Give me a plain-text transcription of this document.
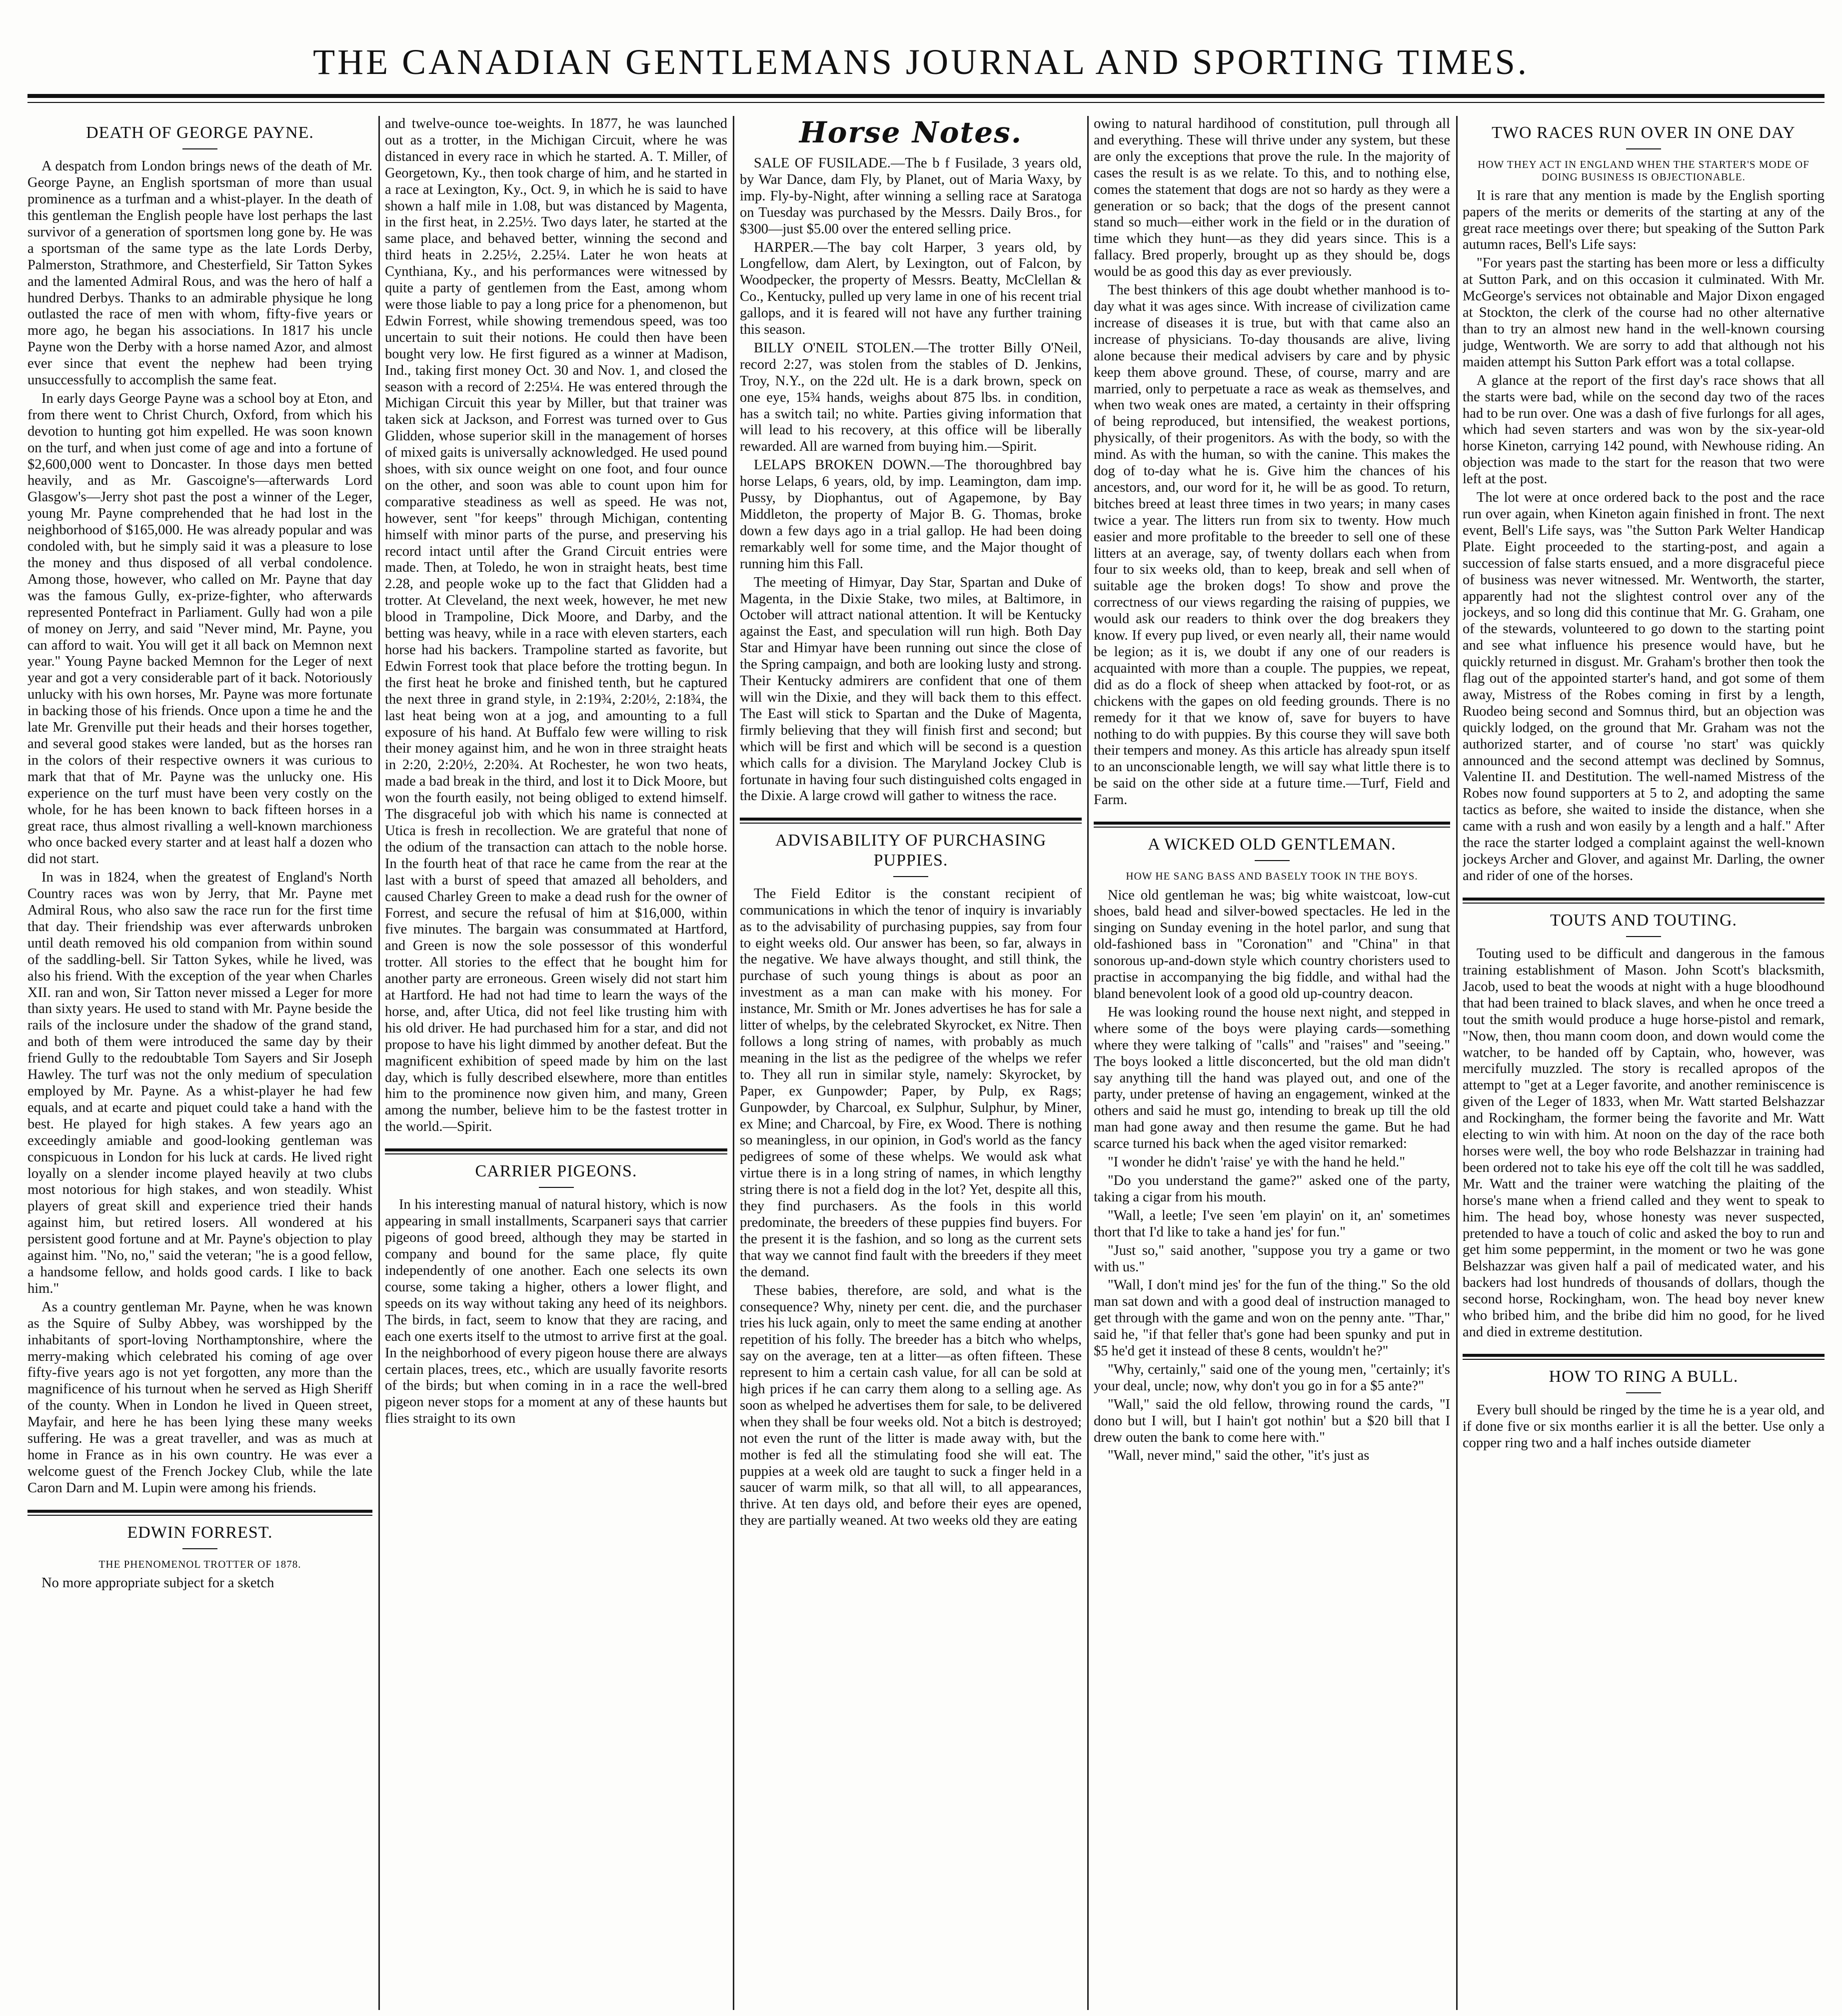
THE CANADIAN GENTLEMANS JOURNAL AND SPORTING TIMES.
DEATH OF GEORGE PAYNE.

A despatch from London brings news of the death of Mr. George Payne, an English sportsman of more than usual prominence as a turfman and a whist-player. In the death of this gentleman the English people have lost perhaps the last survivor of a generation of sportsmen long gone by. He was a sportsman of the same type as the late Lords Derby, Palmerston, Strathmore, and Chesterfield, Sir Tatton Sykes and the lamented Admiral Rous, and was the hero of half a hundred Derbys. Thanks to an admirable physique he long outlasted the race of men with whom, fifty-five years or more ago, he began his associations. In 1817 his uncle Payne won the Derby with a horse named Azor, and almost ever since that event the nephew had been trying unsuccessfully to accomplish the same feat.

In early days George Payne was a school boy at Eton, and from there went to Christ Church, Oxford, from which his devotion to hunting got him expelled. He was soon known on the turf, and when just come of age and into a fortune of $2,600,000 went to Doncaster. In those days men betted heavily, and as Mr. Gascoigne's—afterwards Lord Glasgow's—Jerry shot past the post a winner of the Leger, young Mr. Payne comprehended that he had lost in the neighborhood of $165,000. He was already popular and was condoled with, but he simply said it was a pleasure to lose the money and thus disposed of all verbal condolence. Among those, however, who called on Mr. Payne that day was the famous Gully, ex-prize-fighter, who afterwards represented Pontefract in Parliament. Gully had won a pile of money on Jerry, and said "Never mind, Mr. Payne, you can afford to wait. You will get it all back on Memnon next year." Young Payne backed Memnon for the Leger of next year and got a very considerable part of it back. Notoriously unlucky with his own horses, Mr. Payne was more fortunate in backing those of his friends. Once upon a time he and the late Mr. Grenville put their heads and their horses together, and several good stakes were landed, but as the horses ran in the colors of their respective owners it was curious to mark that that of Mr. Payne was the unlucky one. His experience on the turf must have been very costly on the whole, for he has been known to back fifteen horses in a great race, thus almost rivalling a well-known marchioness who once backed every starter and at least half a dozen who did not start.

In was in 1824, when the greatest of England's North Country races was won by Jerry, that Mr. Payne met Admiral Rous, who also saw the race run for the first time that day. Their friendship was ever afterwards unbroken until death removed his old companion from within sound of the saddling-bell. Sir Tatton Sykes, while he lived, was also his friend. With the exception of the year when Charles XII. ran and won, Sir Tatton never missed a Leger for more than sixty years. He used to stand with Mr. Payne beside the rails of the inclosure under the shadow of the grand stand, and both of them were introduced the same day by their friend Gully to the redoubtable Tom Sayers and Sir Joseph Hawley. The turf was not the only medium of speculation employed by Mr. Payne. As a whist-player he had few equals, and at ecarte and piquet could take a hand with the best. He played for high stakes. A few years ago an exceedingly amiable and good-looking gentleman was conspicuous in London for his luck at cards. He lived right loyally on a slender income played heavily at two clubs most notorious for high stakes, and won steadily. Whist players of great skill and experience tried their hands against him, but retired losers. All wondered at his persistent good fortune and at Mr. Payne's objection to play against him. "No, no," said the veteran; "he is a good fellow, a handsome fellow, and holds good cards. I like to back him."

As a country gentleman Mr. Payne, when he was known as the Squire of Sulby Abbey, was worshipped by the inhabitants of sport-loving Northamptonshire, where the merry-making which celebrated his coming of age over fifty-five years ago is not yet forgotten, any more than the magnificence of his turnout when he served as High Sheriff of the county. When in London he lived in Queen street, Mayfair, and here he has been lying these many weeks suffering. He was a great traveller, and was as much at home in France as in his own country. He was ever a welcome guest of the French Jockey Club, while the late Caron Darn and M. Lupin were among his friends.

EDWIN FORREST.
THE PHENOMENOL TROTTER OF 1878.

No more appropriate subject for a sketch

and twelve-ounce toe-weights. In 1877, he was launched out as a trotter, in the Michigan Circuit, where he was distanced in every race in which he started. A. T. Miller, of Georgetown, Ky., then took charge of him, and he started in a race at Lexington, Ky., Oct. 9, in which he is said to have shown a half mile in 1.08, but was distanced by Magenta, in the first heat, in 2.25½. Two days later, he started at the same place, and behaved better, winning the second and third heats in 2.25½, 2.25¼. Later he won heats at Cynthiana, Ky., and his performances were witnessed by quite a party of gentlemen from the East, among whom were those liable to pay a long price for a phenomenon, but Edwin Forrest, while showing tremendous speed, was too uncertain to suit their notions. He could then have been bought very low. He first figured as a winner at Madison, Ind., taking first money Oct. 30 and Nov. 1, and closed the season with a record of 2:25¼. He was entered through the Michigan Circuit this year by Miller, but that trainer was taken sick at Jackson, and Forrest was turned over to Gus Glidden, whose superior skill in the management of horses of mixed gaits is universally acknowledged. He used pound shoes, with six ounce weight on one foot, and four ounce on the other, and soon was able to count upon him for comparative steadiness as well as speed. He was not, however, sent "for keeps" through Michigan, contenting himself with minor parts of the purse, and preserving his record intact until after the Grand Circuit entries were made. Then, at Toledo, he won in straight heats, best time 2.28, and people woke up to the fact that Glidden had a trotter. At Cleveland, the next week, however, he met new blood in Trampoline, Dick Moore, and Darby, and the betting was heavy, while in a race with eleven starters, each horse had his backers. Trampoline started as favorite, but Edwin Forrest took that place before the trotting begun. In the first heat he broke and finished tenth, but he captured the next three in grand style, in 2:19¾, 2:20½, 2:18¾, the last heat being won at a jog, and amounting to a full exposure of his hand. At Buffalo few were willing to risk their money against him, and he won in three straight heats in 2:20, 2:20½, 2:20¾. At Rochester, he won two heats, made a bad break in the third, and lost it to Dick Moore, but won the fourth easily, not being obliged to extend himself. The disgraceful job with which his name is connected at Utica is fresh in recollection. We are grateful that none of the odium of the transaction can attach to the noble horse. In the fourth heat of that race he came from the rear at the last with a burst of speed that amazed all beholders, and caused Charley Green to make a dead rush for the owner of Forrest, and secure the refusal of him at $16,000, within five minutes. The bargain was consummated at Hartford, and Green is now the sole possessor of this wonderful trotter. All stories to the effect that he bought him for another party are erroneous. Green wisely did not start him at Hartford. He had not had time to learn the ways of the horse, and, after Utica, did not feel like trusting him with his old driver. He had purchased him for a star, and did not propose to have his light dimmed by another defeat. But the magnificent exhibition of speed made by him on the last day, which is fully described elsewhere, more than entitles him to the prominence now given him, and many, Green among the number, believe him to be the fastest trotter in the world.—Spirit.

CARRIER PIGEONS.

In his interesting manual of natural history, which is now appearing in small installments, Scarpaneri says that carrier pigeons of good breed, although they may be started in company and bound for the same place, fly quite independently of one another. Each one selects its own course, some taking a higher, others a lower flight, and speeds on its way without taking any heed of its neighbors. The birds, in fact, seem to know that they are racing, and each one exerts itself to the utmost to arrive first at the goal. In the neighborhood of every pigeon house there are always certain places, trees, etc., which are usually favorite resorts of the birds; but when coming in in a race the well-bred pigeon never stops for a moment at any of these haunts but flies straight to its own

Horse Notes.

SALE OF FUSILADE.—The b f Fusilade, 3 years old, by War Dance, dam Fly, by Planet, out of Maria Waxy, by imp. Fly-by-Night, after winning a selling race at Saratoga on Tuesday was purchased by the Messrs. Daily Bros., for $300—just $5.00 over the entered selling price.

HARPER.—The bay colt Harper, 3 years old, by Longfellow, dam Alert, by Lexington, out of Falcon, by Woodpecker, the property of Messrs. Beatty, McClellan & Co., Kentucky, pulled up very lame in one of his recent trial gallops, and it is feared will not have any further training this season.

BILLY O'NEIL STOLEN.—The trotter Billy O'Neil, record 2:27, was stolen from the stables of D. Jenkins, Troy, N.Y., on the 22d ult. He is a dark brown, speck on one eye, 15¾ hands, weighs about 875 lbs. in condition, has a switch tail; no white. Parties giving information that will lead to his recovery, at this office will be liberally rewarded. All are warned from buying him.—Spirit.

LELAPS BROKEN DOWN.—The thoroughbred bay horse Lelaps, 6 years, old, by imp. Leamington, dam imp. Pussy, by Diophantus, out of Agapemone, by Bay Middleton, the property of Major B. G. Thomas, broke down a few days ago in a trial gallop. He had been doing remarkably well for some time, and the Major thought of running him this Fall.

The meeting of Himyar, Day Star, Spartan and Duke of Magenta, in the Dixie Stake, two miles, at Baltimore, in October will attract national attention. It will be Kentucky against the East, and speculation will run high. Both Day Star and Himyar have been running out since the close of the Spring campaign, and both are looking lusty and strong. Their Kentucky admirers are confident that one of them will win the Dixie, and they will back them to this effect. The East will stick to Spartan and the Duke of Magenta, firmly believing that they will finish first and second; but which will be first and which will be second is a question which calls for a division. The Maryland Jockey Club is fortunate in having four such distinguished colts engaged in the Dixie. A large crowd will gather to witness the race.

ADVISABILITY OF PURCHASING PUPPIES.

The Field Editor is the constant recipient of communications in which the tenor of inquiry is invariably as to the advisability of purchasing puppies, say from four to eight weeks old. Our answer has been, so far, always in the negative. We have always thought, and still think, the purchase of such young things is about as poor an investment as a man can make with his money. For instance, Mr. Smith or Mr. Jones advertises he has for sale a litter of whelps, by the celebrated Skyrocket, ex Nitre. Then follows a long string of names, with probably as much meaning in the list as the pedigree of the whelps we refer to. They all run in similar style, namely: Skyrocket, by Paper, ex Gunpowder; Paper, by Pulp, ex Rags; Gunpowder, by Charcoal, ex Sulphur, Sulphur, by Miner, ex Mine; and Charcoal, by Fire, ex Wood. There is nothing so meaningless, in our opinion, in God's world as the fancy pedigrees of some of these whelps. We would ask what virtue there is in a long string of names, in which lengthy string there is not a field dog in the lot? Yet, despite all this, they find purchasers. As the fools in this world predominate, the breeders of these puppies find buyers. For the present it is the fashion, and so long as the current sets that way we cannot find fault with the breeders if they meet the demand.

These babies, therefore, are sold, and what is the consequence? Why, ninety per cent. die, and the purchaser tries his luck again, only to meet the same ending at another repetition of his folly. The breeder has a bitch who whelps, say on the average, ten at a litter—as often fifteen. These represent to him a certain cash value, for all can be sold at high prices if he can carry them along to a selling age. As soon as whelped he advertises them for sale, to be delivered when they shall be four weeks old. Not a bitch is destroyed; not even the runt of the litter is made away with, but the mother is fed all the stimulating food she will eat. The puppies at a week old are taught to suck a finger held in a saucer of warm milk, so that all will, to all appearances, thrive. At ten days old, and before their eyes are opened, they are partially weaned. At two weeks old they are eating

owing to natural hardihood of constitution, pull through all and everything. These will thrive under any system, but these are only the exceptions that prove the rule. In the majority of cases the result is as we relate. To this, and to nothing else, comes the statement that dogs are not so hardy as they were a generation or so back; that the dogs of the present cannot stand so much—either work in the field or in the duration of time which they hunt—as they did years since. This is a fallacy. Bred properly, brought up as they should be, dogs would be as good this day as ever previously.

The best thinkers of this age doubt whether manhood is to-day what it was ages since. With increase of civilization came increase of diseases it is true, but with that came also an increase of physicians. To-day thousands are alive, living alone because their medical advisers by care and by physic keep them above ground. These, of course, marry and are married, only to perpetuate a race as weak as themselves, and when two weak ones are mated, a certainty in their offspring of being reproduced, but intensified, the weakest portions, physically, of their progenitors. As with the body, so with the mind. As with the human, so with the canine. This makes the dog of to-day what he is. Give him the chances of his ancestors, and, our word for it, he will be as good. To return, bitches breed at least three times in two years; in many cases twice a year. The litters run from six to twenty. How much easier and more profitable to the breeder to sell one of these litters at an average, say, of twenty dollars each when from four to six weeks old, than to keep, break and sell when of suitable age the broken dogs! To show and prove the correctness of our views regarding the raising of puppies, we would ask our readers to think over the dog breakers they know. If every pup lived, or even nearly all, their name would be legion; as it is, we doubt if any one of our readers is acquainted with more than a couple. The puppies, we repeat, did as do a flock of sheep when attacked by foot-rot, or as chickens with the gapes on old feeding grounds. There is no remedy for it that we know of, save for buyers to have nothing to do with puppies. By this course they will save both their tempers and money. As this article has already spun itself to an unconscionable length, we will say what little there is to be said on the other side at a future time.—Turf, Field and Farm.

A WICKED OLD GENTLEMAN.
HOW HE SANG BASS AND BASELY TOOK IN THE BOYS.

Nice old gentleman he was; big white waistcoat, low-cut shoes, bald head and silver-bowed spectacles. He led in the singing on Sunday evening in the hotel parlor, and sung that old-fashioned bass in "Coronation" and "China" in that sonorous up-and-down style which country choristers used to practise in accompanying the big fiddle, and withal had the bland benevolent look of a good old up-country deacon.

He was looking round the house next night, and stepped in where some of the boys were playing cards—something where they were talking of "calls" and "raises" and "seeing." The boys looked a little disconcerted, but the old man didn't say anything till the hand was played out, and one of the party, under pretense of having an engagement, winked at the others and said he must go, intending to break up till the old man had gone away and then resume the game. But he had scarce turned his back when the aged visitor remarked:

"I wonder he didn't 'raise' ye with the hand he held."

"Do you understand the game?" asked one of the party, taking a cigar from his mouth.

"Wall, a leetle; I've seen 'em playin' on it, an' sometimes thort that I'd like to take a hand jes' for fun."

"Just so," said another, "suppose you try a game or two with us."

"Wall, I don't mind jes' for the fun of the thing." So the old man sat down and with a good deal of instruction managed to get through with the game and won on the penny ante. "Thar," said he, "if that feller that's gone had been spunky and put in $5 he'd get it instead of these 8 cents, wouldn't he?"

"Why, certainly," said one of the young men, "certainly; it's your deal, uncle; now, why don't you go in for a $5 ante?"

"Wall," said the old fellow, throwing round the cards, "I dono but I will, but I hain't got nothin' but a $20 bill that I drew outen the bank to come here with."

"Wall, never mind," said the other, "it's just as

TWO RACES RUN OVER IN ONE DAY
HOW THEY ACT IN ENGLAND WHEN THE STARTER'S MODE OF DOING BUSINESS IS OBJECTIONABLE.

It is rare that any mention is made by the English sporting papers of the merits or demerits of the starting at any of the great race meetings over there; but speaking of the Sutton Park autumn races, Bell's Life says:

"For years past the starting has been more or less a difficulty at Sutton Park, and on this occasion it culminated. With Mr. McGeorge's services not obtainable and Major Dixon engaged at Stockton, the clerk of the course had no other alternative than to try an almost new hand in the well-known coursing judge, Wentworth. We are sorry to add that although not his maiden attempt his Sutton Park effort was a total collapse.

A glance at the report of the first day's race shows that all the starts were bad, while on the second day two of the races had to be run over. One was a dash of five furlongs for all ages, which had seven starters and was won by the six-year-old horse Kineton, carrying 142 pound, with Newhouse riding. An objection was made to the start for the reason that two were left at the post.

The lot were at once ordered back to the post and the race run over again, when Kineton again finished in front. The next event, Bell's Life says, was "the Sutton Park Welter Handicap Plate. Eight proceeded to the starting-post, and again a succession of false starts ensued, and a more disgraceful piece of business was never witnessed. Mr. Wentworth, the starter, apparently had not the slightest control over any of the jockeys, and so long did this continue that Mr. G. Graham, one of the stewards, volunteered to go down to the starting point and see what influence his presence would have, but he quickly returned in disgust. Mr. Graham's brother then took the flag out of the appointed starter's hand, and got some of them away, Mistress of the Robes coming in first by a length, Ruodeo being second and Somnus third, but an objection was quickly lodged, on the ground that Mr. Graham was not the authorized starter, and of course 'no start' was quickly announced and the second attempt was declined by Somnus, Valentine II. and Destitution. The well-named Mistress of the Robes now found supporters at 5 to 2, and adopting the same tactics as before, she waited to inside the distance, when she came with a rush and won easily by a length and a half." After the race the starter lodged a complaint against the well-known jockeys Archer and Glover, and against Mr. Darling, the owner and rider of one of the horses.

TOUTS AND TOUTING.

Touting used to be difficult and dangerous in the famous training establishment of Mason. John Scott's blacksmith, Jacob, used to beat the woods at night with a huge bloodhound that had been trained to black slaves, and when he once treed a tout the smith would produce a huge horse-pistol and remark, "Now, then, thou mann coom doon, and down would come the watcher, to be handed off by Captain, who, however, was mercifully muzzled. The story is recalled apropos of the attempt to "get at a Leger favorite, and another reminiscence is given of the Leger of 1833, when Mr. Watt started Belshazzar and Rockingham, the former being the favorite and Mr. Watt electing to win with him. At noon on the day of the race both horses were well, the boy who rode Belshazzar in training had been ordered not to take his eye off the colt till he was saddled, Mr. Watt and the trainer were watching the plaiting of the horse's mane when a friend called and they went to speak to him. The head boy, whose honesty was never suspected, pretended to have a touch of colic and asked the boy to run and get him some peppermint, in the moment or two he was gone Belshazzar was given half a pail of medicated water, and his backers had lost hundreds of thousands of dollars, though the second horse, Rockingham, won. The head boy never knew who bribed him, and the bribe did him no good, for he lived and died in extreme destitution.

HOW TO RING A BULL.

Every bull should be ringed by the time he is a year old, and if done five or six months earlier it is all the better. Use only a copper ring two and a half inches outside diameter
